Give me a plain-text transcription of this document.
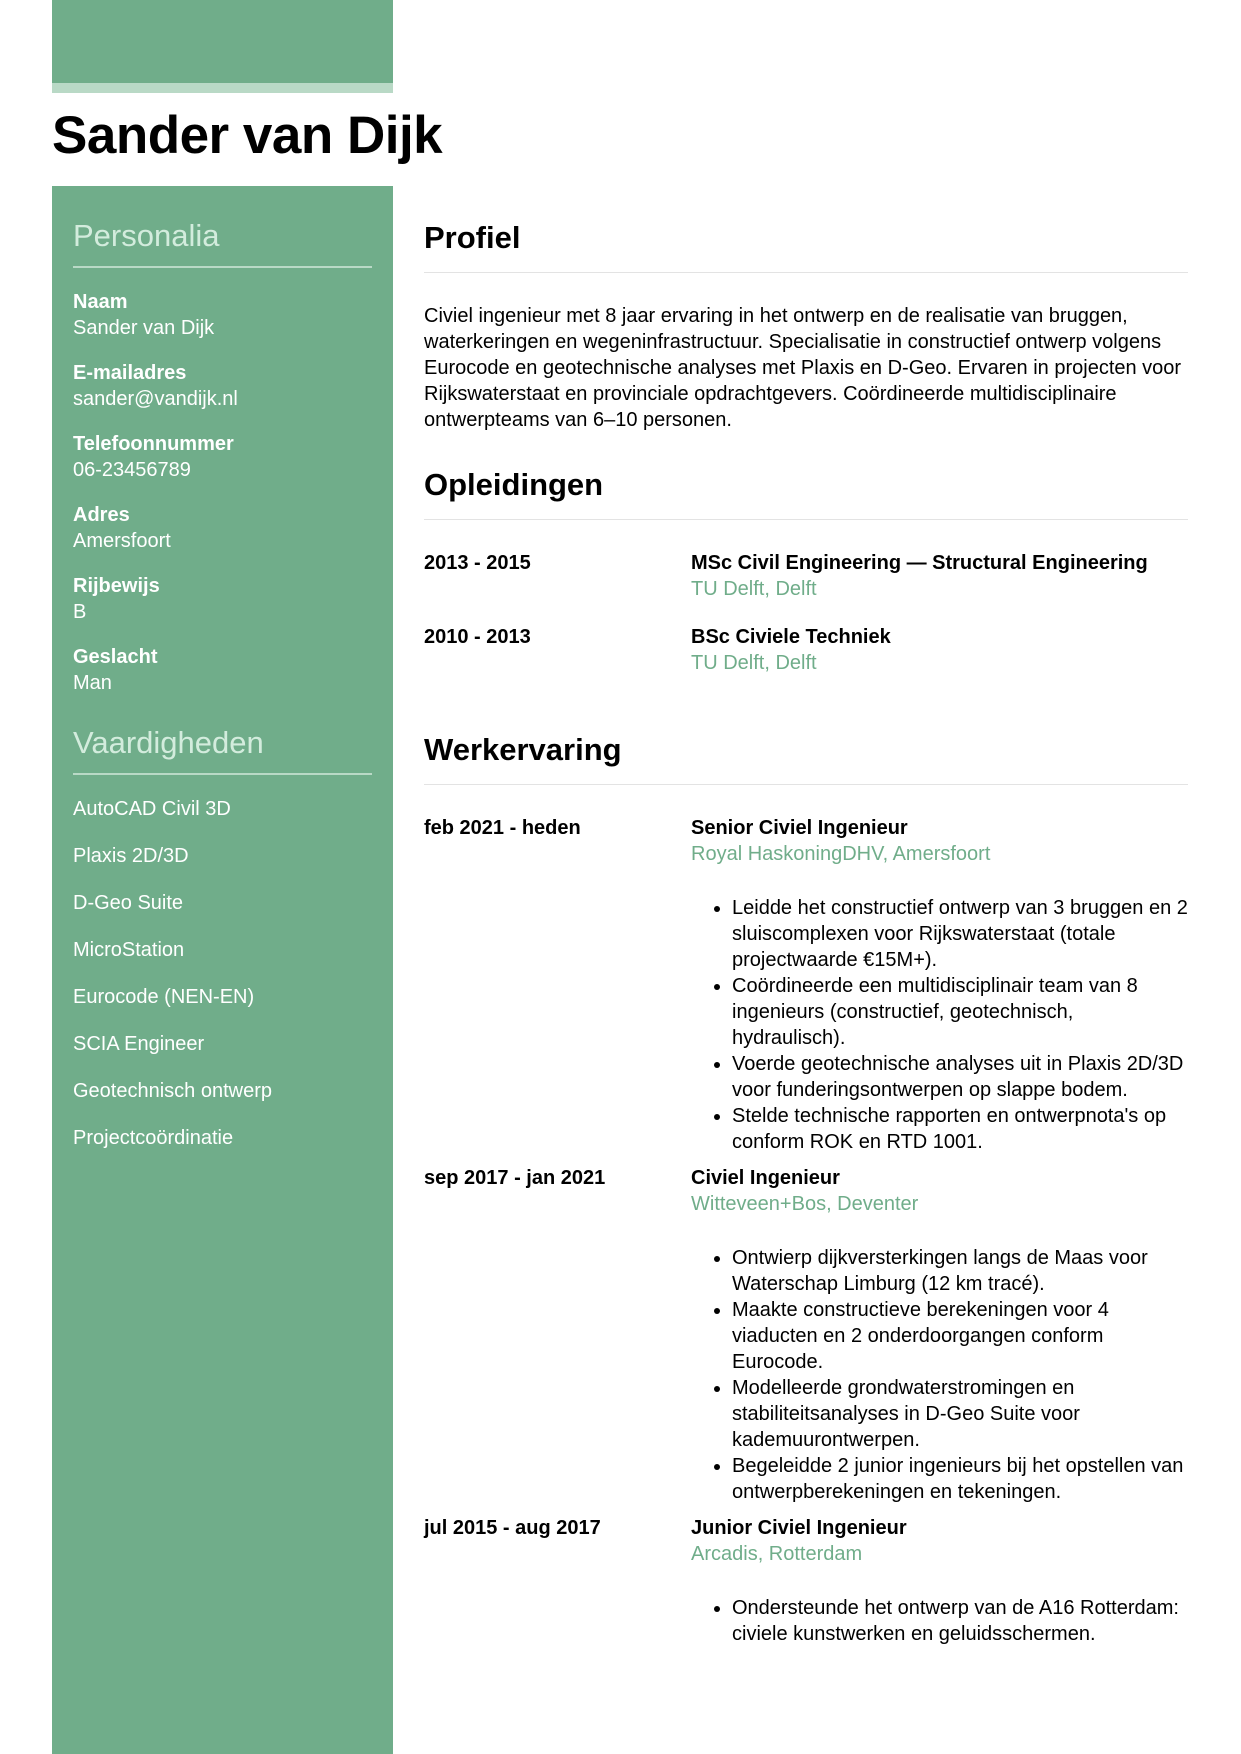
Sander van Dijk
Personalia
Naam
Sander van Dijk
E-mailadres
sander@vandijk.nl
Telefoonnummer
06-23456789
Adres
Amersfoort
Rijbewijs
B
Geslacht
Man
Vaardigheden
AutoCAD Civil 3D
Plaxis 2D/3D
D-Geo Suite
MicroStation
Eurocode (NEN-EN)
SCIA Engineer
Geotechnisch ontwerp
Projectcoördinatie
Profiel

Civiel ingenieur met 8 jaar ervaring in het ontwerp en de realisatie van bruggen, waterkeringen en wegeninfrastructuur. Specialisatie in constructief ontwerp volgens Eurocode en geotechnische analyses met Plaxis en D-Geo. Ervaren in projecten voor Rijkswaterstaat en provinciale opdrachtgevers. Coördineerde multidisciplinaire ontwerpteams van 6–10 personen.

Opleidingen
2013 - 2015	MSc Civil Engineering — Structural Engineering
TU Delft, Delft
2010 - 2013	BSc Civiele Techniek
TU Delft, Delft
Werkervaring
feb 2021 - heden	Senior Civiel Ingenieur
Royal HaskoningDHV, Amersfoort
• Leidde het constructief ontwerp van 3 bruggen en 2 sluiscomplexen voor Rijkswaterstaat (totale projectwaarde €15M+).
• Coördineerde een multidisciplinair team van 8 ingenieurs (constructief, geotechnisch, hydraulisch).
• Voerde geotechnische analyses uit in Plaxis 2D/3D voor funderingsontwerpen op slappe bodem.
• Stelde technische rapporten en ontwerpnota's op conform ROK en RTD 1001.
sep 2017 - jan 2021	Civiel Ingenieur
Witteveen+Bos, Deventer
• Ontwierp dijkversterkingen langs de Maas voor Waterschap Limburg (12 km tracé).
• Maakte constructieve berekeningen voor 4 viaducten en 2 onderdoorgangen conform Eurocode.
• Modelleerde grondwaterstromingen en stabiliteitsanalyses in D-Geo Suite voor kademuurontwerpen.
• Begeleidde 2 junior ingenieurs bij het opstellen van ontwerpberekeningen en tekeningen.
jul 2015 - aug 2017	Junior Civiel Ingenieur
Arcadis, Rotterdam
• Ondersteunde het ontwerp van de A16 Rotterdam: civiele kunstwerken en geluidsschermen.
